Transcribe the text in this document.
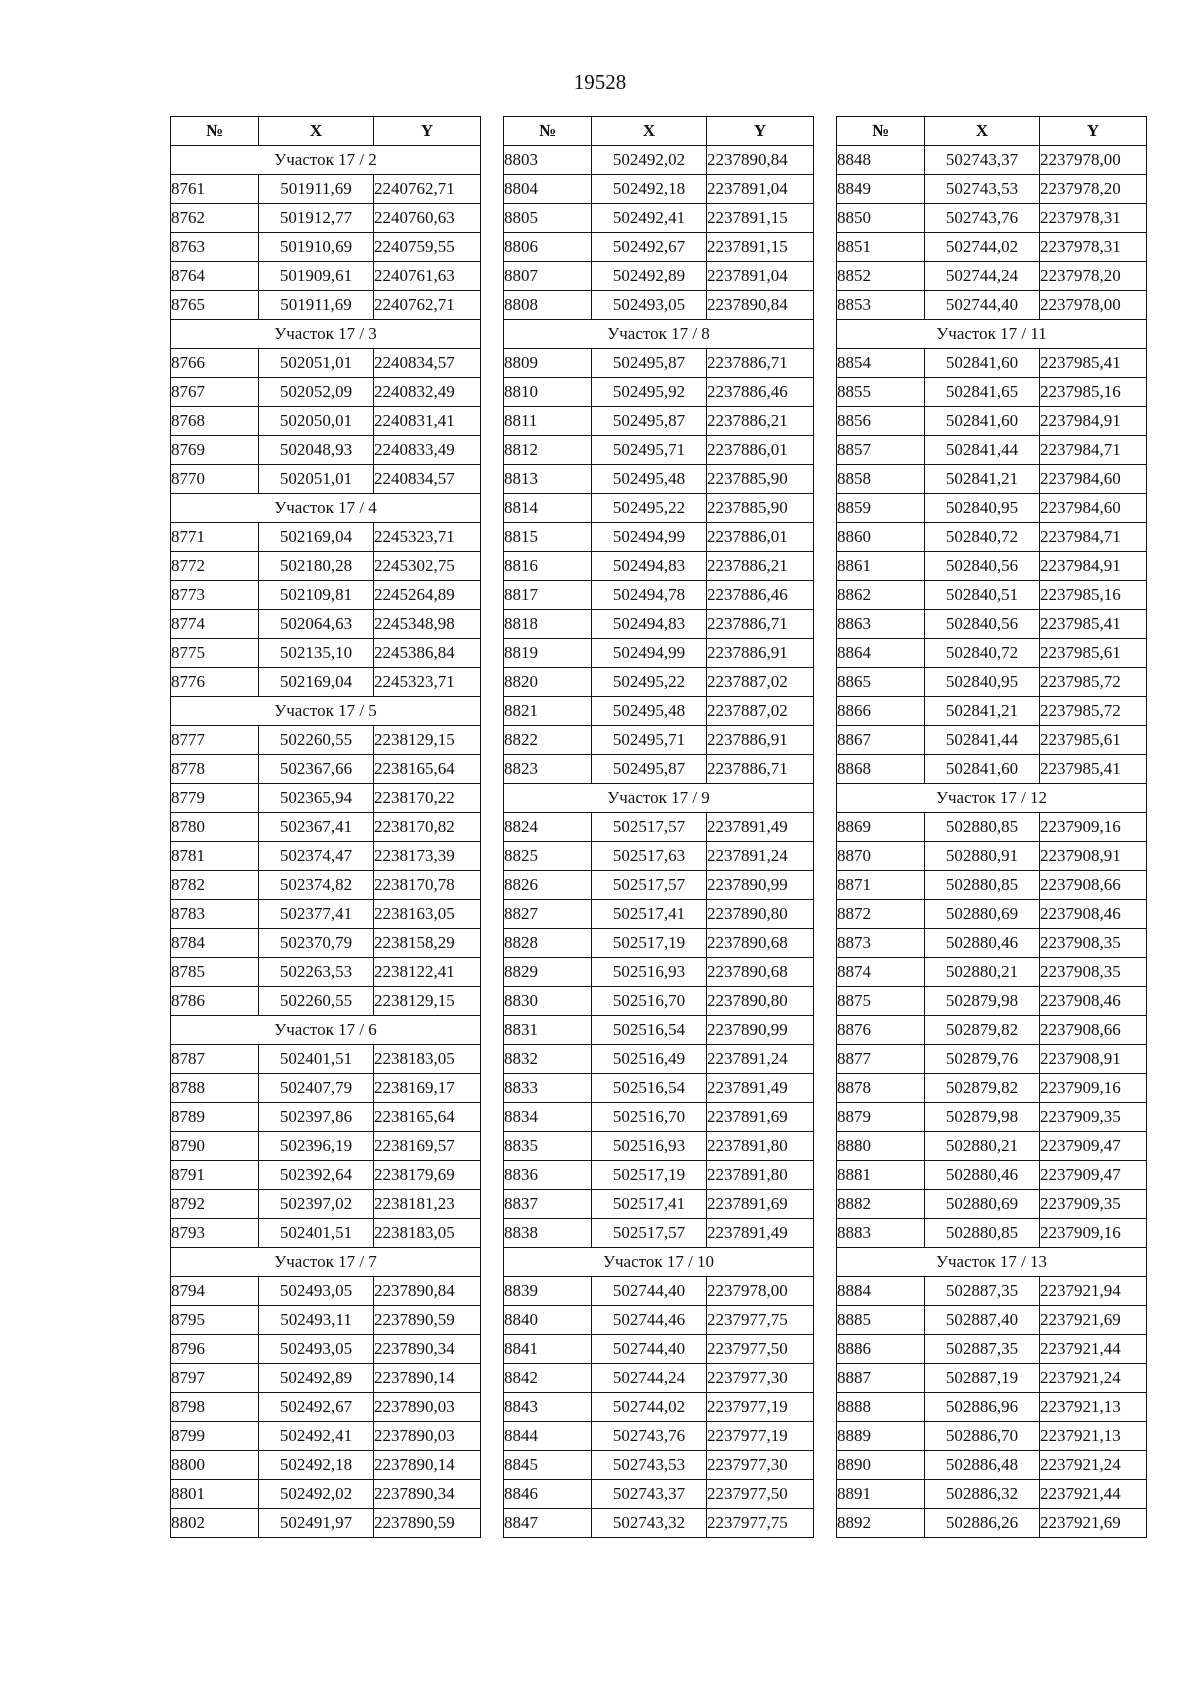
19528
№	X	Y
Участок 17 / 2		
8761	501911,69	2240762,71
8762	501912,77	2240760,63
8763	501910,69	2240759,55
8764	501909,61	2240761,63
8765	501911,69	2240762,71
Участок 17 / 3		
8766	502051,01	2240834,57
8767	502052,09	2240832,49
8768	502050,01	2240831,41
8769	502048,93	2240833,49
8770	502051,01	2240834,57
Участок 17 / 4		
8771	502169,04	2245323,71
8772	502180,28	2245302,75
8773	502109,81	2245264,89
8774	502064,63	2245348,98
8775	502135,10	2245386,84
8776	502169,04	2245323,71
Участок 17 / 5		
8777	502260,55	2238129,15
8778	502367,66	2238165,64
8779	502365,94	2238170,22
8780	502367,41	2238170,82
8781	502374,47	2238173,39
8782	502374,82	2238170,78
8783	502377,41	2238163,05
8784	502370,79	2238158,29
8785	502263,53	2238122,41
8786	502260,55	2238129,15
Участок 17 / 6		
8787	502401,51	2238183,05
8788	502407,79	2238169,17
8789	502397,86	2238165,64
8790	502396,19	2238169,57
8791	502392,64	2238179,69
8792	502397,02	2238181,23
8793	502401,51	2238183,05
Участок 17 / 7		
8794	502493,05	2237890,84
8795	502493,11	2237890,59
8796	502493,05	2237890,34
8797	502492,89	2237890,14
8798	502492,67	2237890,03
8799	502492,41	2237890,03
8800	502492,18	2237890,14
8801	502492,02	2237890,34
8802	502491,97	2237890,59
№	X	Y
8803	502492,02	2237890,84
8804	502492,18	2237891,04
8805	502492,41	2237891,15
8806	502492,67	2237891,15
8807	502492,89	2237891,04
8808	502493,05	2237890,84
Участок 17 / 8		
8809	502495,87	2237886,71
8810	502495,92	2237886,46
8811	502495,87	2237886,21
8812	502495,71	2237886,01
8813	502495,48	2237885,90
8814	502495,22	2237885,90
8815	502494,99	2237886,01
8816	502494,83	2237886,21
8817	502494,78	2237886,46
8818	502494,83	2237886,71
8819	502494,99	2237886,91
8820	502495,22	2237887,02
8821	502495,48	2237887,02
8822	502495,71	2237886,91
8823	502495,87	2237886,71
Участок 17 / 9		
8824	502517,57	2237891,49
8825	502517,63	2237891,24
8826	502517,57	2237890,99
8827	502517,41	2237890,80
8828	502517,19	2237890,68
8829	502516,93	2237890,68
8830	502516,70	2237890,80
8831	502516,54	2237890,99
8832	502516,49	2237891,24
8833	502516,54	2237891,49
8834	502516,70	2237891,69
8835	502516,93	2237891,80
8836	502517,19	2237891,80
8837	502517,41	2237891,69
8838	502517,57	2237891,49
Участок 17 / 10		
8839	502744,40	2237978,00
8840	502744,46	2237977,75
8841	502744,40	2237977,50
8842	502744,24	2237977,30
8843	502744,02	2237977,19
8844	502743,76	2237977,19
8845	502743,53	2237977,30
8846	502743,37	2237977,50
8847	502743,32	2237977,75
№	X	Y
8848	502743,37	2237978,00
8849	502743,53	2237978,20
8850	502743,76	2237978,31
8851	502744,02	2237978,31
8852	502744,24	2237978,20
8853	502744,40	2237978,00
Участок 17 / 11		
8854	502841,60	2237985,41
8855	502841,65	2237985,16
8856	502841,60	2237984,91
8857	502841,44	2237984,71
8858	502841,21	2237984,60
8859	502840,95	2237984,60
8860	502840,72	2237984,71
8861	502840,56	2237984,91
8862	502840,51	2237985,16
8863	502840,56	2237985,41
8864	502840,72	2237985,61
8865	502840,95	2237985,72
8866	502841,21	2237985,72
8867	502841,44	2237985,61
8868	502841,60	2237985,41
Участок 17 / 12		
8869	502880,85	2237909,16
8870	502880,91	2237908,91
8871	502880,85	2237908,66
8872	502880,69	2237908,46
8873	502880,46	2237908,35
8874	502880,21	2237908,35
8875	502879,98	2237908,46
8876	502879,82	2237908,66
8877	502879,76	2237908,91
8878	502879,82	2237909,16
8879	502879,98	2237909,35
8880	502880,21	2237909,47
8881	502880,46	2237909,47
8882	502880,69	2237909,35
8883	502880,85	2237909,16
Участок 17 / 13		
8884	502887,35	2237921,94
8885	502887,40	2237921,69
8886	502887,35	2237921,44
8887	502887,19	2237921,24
8888	502886,96	2237921,13
8889	502886,70	2237921,13
8890	502886,48	2237921,24
8891	502886,32	2237921,44
8892	502886,26	2237921,69
